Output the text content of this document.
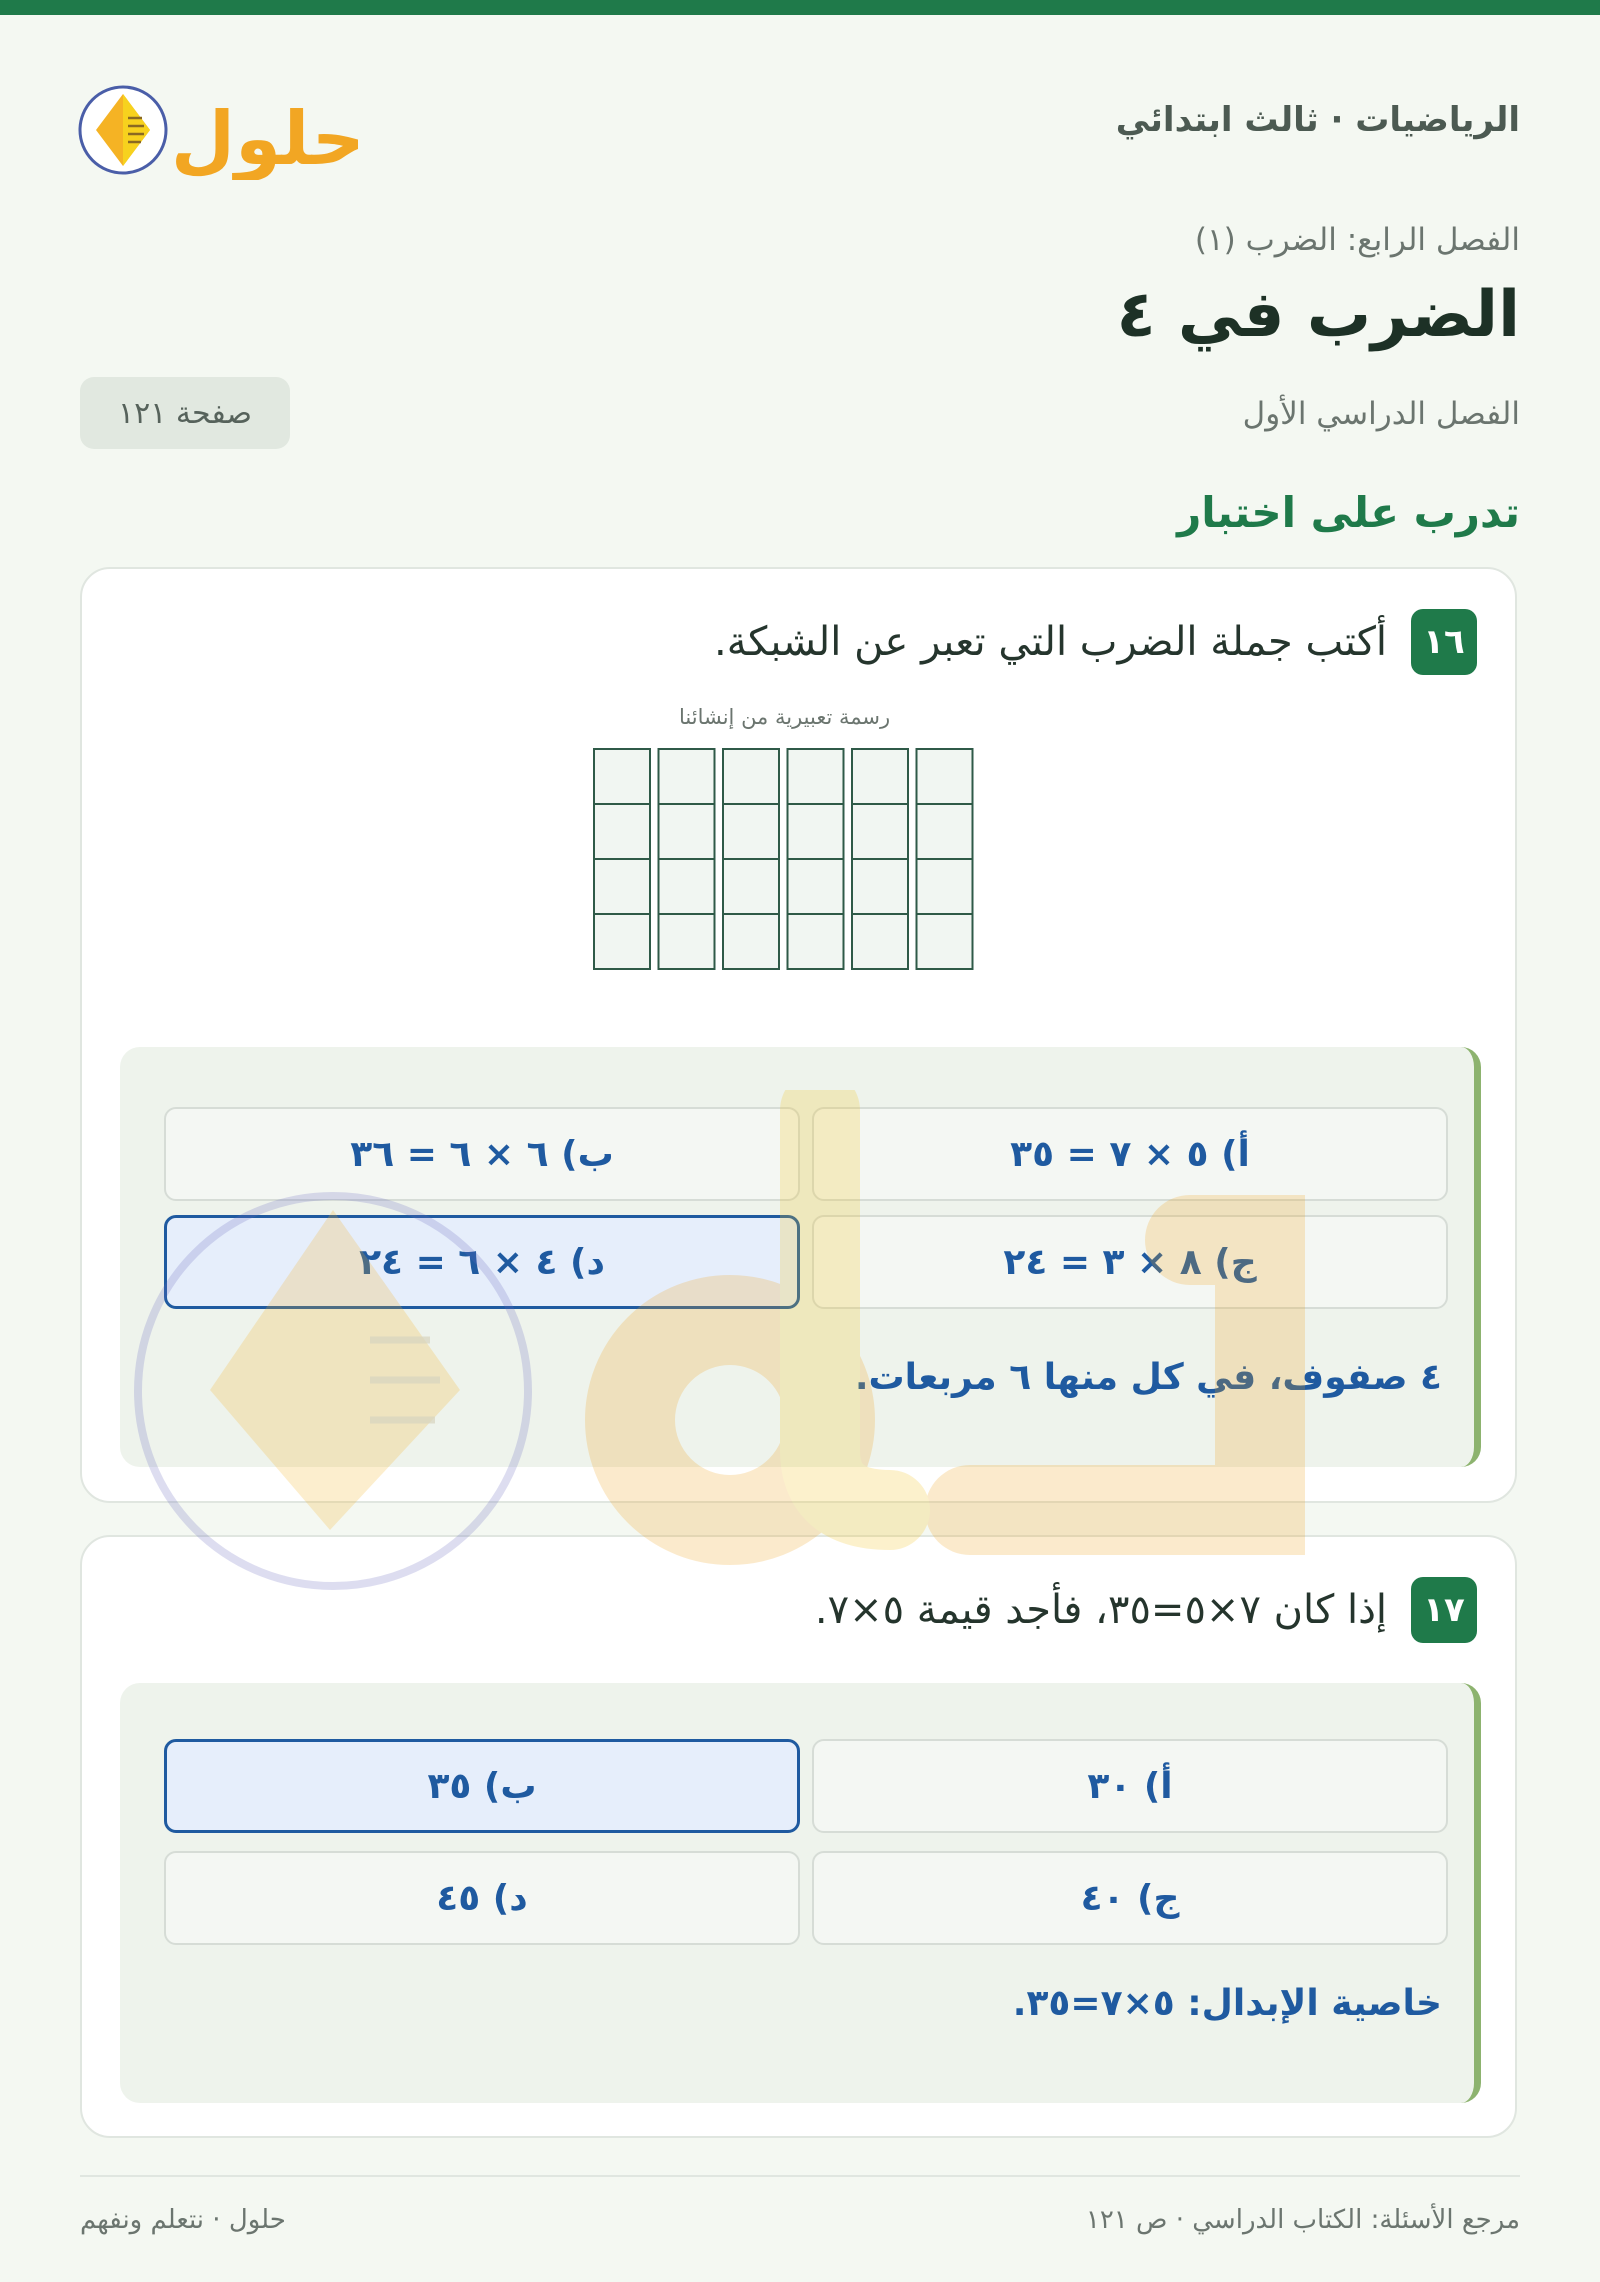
الرياضيات · ثالث ابتدائي
حلول
الفصل الرابع: الضرب (١)
الضرب في ٤
الفصل الدراسي الأول
صفحة ١٢١
تدرب على اختبار
١٦
أكتب جملة الضرب التي تعبر عن الشبكة.
رسمة تعبيرية من إنشائنا
أ) ٥ × ٧ = ٣٥
ب) ٦ × ٦ = ٣٦
ج) ٨ × ٣ = ٢٤
د) ٤ × ٦ = ٢٤
٤ صفوف، في كل منها ٦ مربعات.
١٧
إذا كان ٧×٥=٣٥، فأجد قيمة ٥×٧.
أ) ٣٠
ب) ٣٥
ج) ٤٠
د) ٤٥
خاصية الإبدال: ٥×٧=٣٥.
مرجع الأسئلة: الكتاب الدراسي · ص ١٢١
حلول · نتعلم ونفهم
